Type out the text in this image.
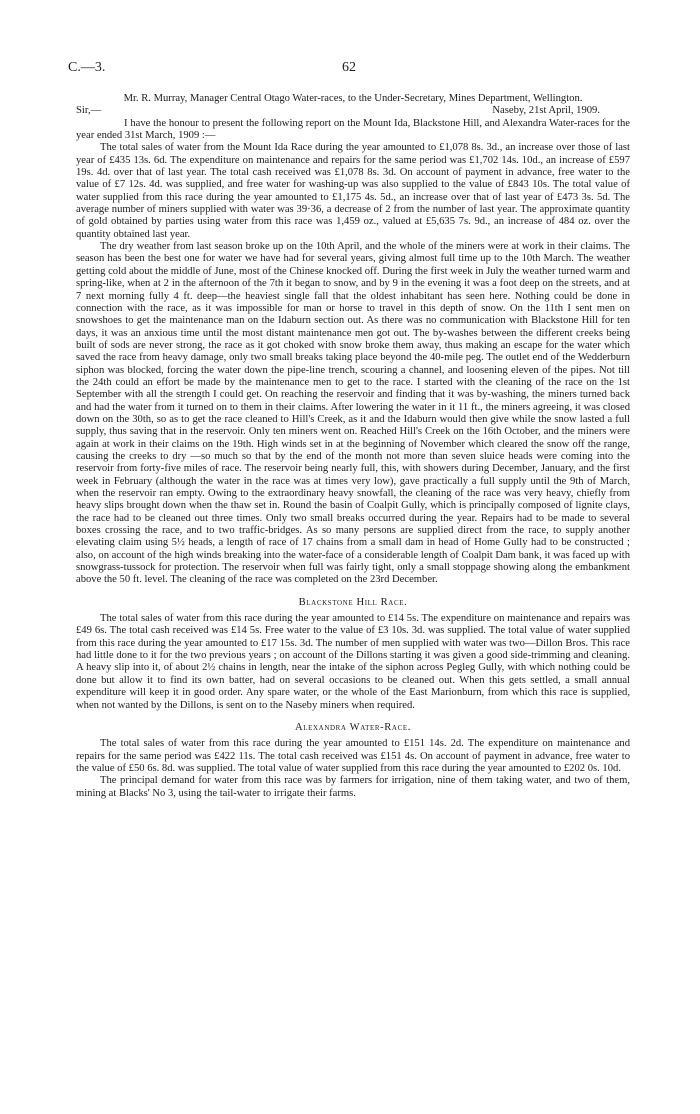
C.—3.	62

Mr. R. Murray, Manager Central Otago Water-races, to the Under-Secretary, Mines Department, Wellington.

Sir,—	Naseby, 21st April, 1909.

I have the honour to present the following report on the Mount Ida, Blackstone Hill, and Alexandra Water-races for the year ended 31st March, 1909 :—

The total sales of water from the Mount Ida Race during the year amounted to £1,078 8s. 3d., an increase over those of last year of £435 13s. 6d. The expenditure on maintenance and repairs for the same period was £1,702 14s. 10d., an increase of £597 19s. 4d. over that of last year. The total cash received was £1,078 8s. 3d. On account of payment in advance, free water to the value of £7 12s. 4d. was supplied, and free water for washing-up was also supplied to the value of £843 10s. The total value of water supplied from this race during the year amounted to £1,175 4s. 5d., an increase over that of last year of £473 3s. 5d. The average number of miners supplied with water was 39·36, a decrease of 2 from the number of last year. The approximate quantity of gold obtained by parties using water from this race was 1,459 oz., valued at £5,635 7s. 9d., an increase of 484 oz. over the quantity obtained last year.

The dry weather from last season broke up on the 10th April, and the whole of the miners were at work in their claims. The season has been the best one for water we have had for several years, giving almost full time up to the 10th March. The weather getting cold about the middle of June, most of the Chinese knocked off. During the first week in July the weather turned warm and spring-like, when at 2 in the afternoon of the 7th it began to snow, and by 9 in the evening it was a foot deep on the streets, and at 7 next morning fully 4 ft. deep—the heaviest single fall that the oldest inhabitant has seen here. Nothing could be done in connection with the race, as it was impossible for man or horse to travel in this depth of snow. On the 11th I sent men on snowshoes to get the maintenance man on the Idaburn section out. As there was no communication with Blackstone Hill for ten days, it was an anxious time until the most distant maintenance men got out. The by-washes between the different creeks being built of sods are never strong, the race as it got choked with snow broke them away, thus making an escape for the water which saved the race from heavy damage, only two small breaks taking place beyond the 40-mile peg. The outlet end of the Wedderburn siphon was blocked, forcing the water down the pipe-line trench, scouring a channel, and loosening eleven of the pipes. Not till the 24th could an effort be made by the maintenance men to get to the race. I started with the cleaning of the race on the 1st September with all the strength I could get. On reaching the reservoir and finding that it was by-washing, the miners turned back and had the water from it turned on to them in their claims. After lowering the water in it 11 ft., the miners agreeing, it was closed down on the 30th, so as to get the race cleaned to Hill's Creek, as it and the Idaburn would then give while the snow lasted a full supply, thus saving that in the reservoir. Only ten miners went on. Reached Hill's Creek on the 16th October, and the miners were again at work in their claims on the 19th. High winds set in at the beginning of November which cleared the snow off the range, causing the creeks to dry —so much so that by the end of the month not more than seven sluice heads were coming into the reservoir from forty-five miles of race. The reservoir being nearly full, this, with showers during December, January, and the first week in February (although the water in the race was at times very low), gave practically a full supply until the 9th of March, when the reservoir ran empty. Owing to the extraordinary heavy snowfall, the cleaning of the race was very heavy, chiefly from heavy slips brought down when the thaw set in. Round the basin of Coalpit Gully, which is principally composed of lignite clays, the race had to be cleaned out three times. Only two small breaks occurred during the year. Repairs had to be made to several boxes crossing the race, and to two traffic-bridges. As so many persons are supplied direct from the race, to supply another elevating claim using 5½ heads, a length of race of 17 chains from a small dam in head of Home Gully had to be constructed ; also, on account of the high winds breaking into the water-face of a considerable length of Coalpit Dam bank, it was faced up with snowgrass-tussock for protection. The reservoir when full was fairly tight, only a small stoppage showing along the embankment above the 50 ft. level. The cleaning of the race was completed on the 23rd December.

Blackstone Hill Race.

The total sales of water from this race during the year amounted to £14 5s. The expenditure on maintenance and repairs was £49 6s. The total cash received was £14 5s. Free water to the value of £3 10s. 3d. was supplied. The total value of water supplied from this race during the year amounted to £17 15s. 3d. The number of men supplied with water was two—Dillon Bros. This race had little done to it for the two previous years ; on account of the Dillons starting it was given a good side-trimming and cleaning. A heavy slip into it, of about 2½ chains in length, near the intake of the siphon across Pegleg Gully, with which nothing could be done but allow it to find its own batter, had on several occasions to be cleaned out. When this gets settled, a small annual expenditure will keep it in good order. Any spare water, or the whole of the East Marionburn, from which this race is supplied, when not wanted by the Dillons, is sent on to the Naseby miners when required.

Alexandra Water-Race.

The total sales of water from this race during the year amounted to £151 14s. 2d. The expenditure on maintenance and repairs for the same period was £422 11s. The total cash received was £151 4s. On account of payment in advance, free water to the value of £50 6s. 8d. was supplied. The total value of water supplied from this race during the year amounted to £202 0s. 10d.

The principal demand for water from this race was by farmers for irrigation, nine of them taking water, and two of them, mining at Blacks' No 3, using the tail-water to irrigate their farms.
